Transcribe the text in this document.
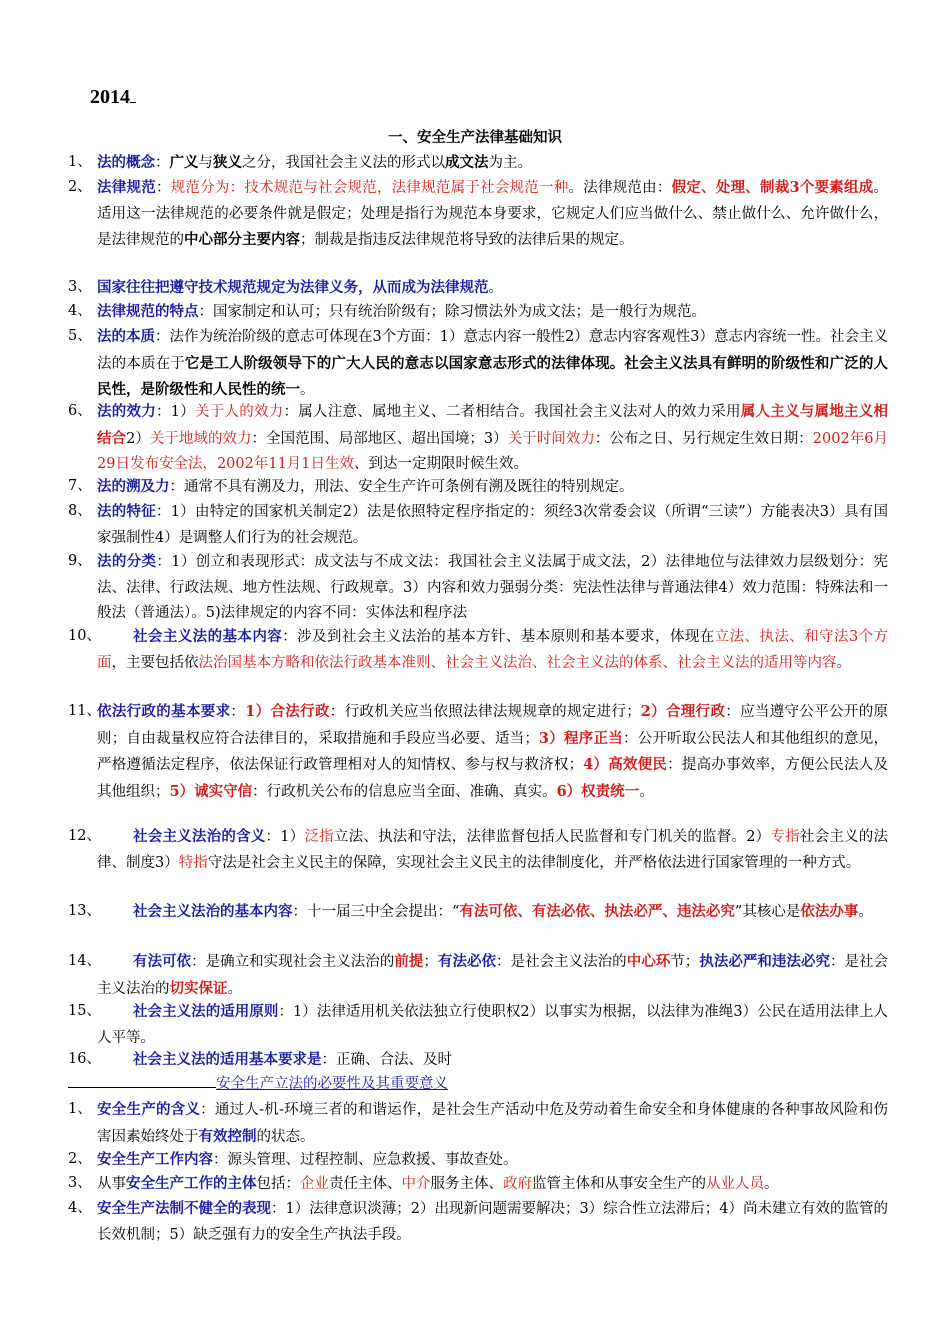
2014
一、安全生产法律基础知识
1、 法的概念：广义与狭义之分，我国社会主义法的形式以成文法为主。
2、 法律规范：规范分为：技术规范与社会规范，法律规范属于社会规范一种。法律规范由：假定、处理、制裁3个要素组成。适用这一法律规范的必要条件就是假定；处理是指行为规范本身要求，它规定人们应当做什么、禁止做什么、允许做什么，是法律规范的中心部分主要内容；制裁是指违反法律规范将导致的法律后果的规定。
3、 国家往往把遵守技术规范规定为法律义务，从而成为法律规范。
4、 法律规范的特点：国家制定和认可；只有统治阶级有；除习惯法外为成文法；是一般行为规范。
5、 法的本质：法作为统治阶级的意志可体现在3个方面：1）意志内容一般性2）意志内容客观性3）意志内容统一性。社会主义法的本质在于它是工人阶级领导下的广大人民的意志以国家意志形式的法律体现。社会主义法具有鲜明的阶级性和广泛的人民性，是阶级性和人民性的统一。
6、 法的效力：1）关于人的效力：属人注意、属地主义、二者相结合。我国社会主义法对人的效力采用属人主义与属地主义相结合2）关于地域的效力：全国范围、局部地区、超出国境；3）关于时间效力：公布之日、另行规定生效日期：2002年6月29日发布安全法，2002年11月1日生效、到达一定期限时候生效。
7、 法的溯及力：通常不具有溯及力，刑法、安全生产许可条例有溯及既往的特别规定。
8、 法的特征：1）由特定的国家机关制定2）法是依照特定程序指定的：须经3次常委会议（所谓“三读”）方能表决3）具有国家强制性4）是调整人们行为的社会规范。
9、 法的分类：1）创立和表现形式：成文法与不成文法：我国社会主义法属于成文法，2）法律地位与法律效力层级划分：宪法、法律、行政法规、地方性法规、行政规章。3）内容和效力强弱分类：宪法性法律与普通法律4）效力范围：特殊法和一般法（普通法）。5)法律规定的内容不同：实体法和程序法
10、	社会主义法的基本内容：涉及到社会主义法治的基本方针、基本原则和基本要求，体现在立法、执法、和守法3个方面，主要包括依法治国基本方略和依法行政基本准则、社会主义法治、社会主义法的体系、社会主义法的适用等内容。
11、
依法行政的基本要求：1）合法行政：行政机关应当依照法律法规规章的规定进行；2）合理行政：应当遵守公平公开的原则；自由裁量权应符合法律目的，采取措施和手段应当必要、适当；3）程序正当：公开听取公民法人和其他组织的意见，严格遵循法定程序，依法保证行政管理相对人的知情权、参与权与救济权；4）高效便民：提高办事效率，方便公民法人及其他组织；5）诚实守信：行政机关公布的信息应当全面、准确、真实。6）权责统一。
12、	社会主义法治的含义：1）泛指立法、执法和守法，法律监督包括人民监督和专门机关的监督。2）专指社会主义的法律、制度3）特指守法是社会主义民主的保障，实现社会主义民主的法律制度化，并严格依法进行国家管理的一种方式。
13、	社会主义法治的基本内容：十一届三中全会提出：“有法可依、有法必依、执法必严、违法必究”其核心是依法办事。
14、	有法可依：是确立和实现社会主义法治的前提；有法必依：是社会主义法治的中心环节；执法必严和违法必究：是社会主义法治的切实保证。
15、	社会主义法的适用原则：1）法律适用机关依法独立行使职权2）以事实为根据，以法律为准绳3）公民在适用法律上人人平等。
16、	社会主义法的适用基本要求是：正确、合法、及时
安全生产立法的必要性及其重要意义
1、 安全生产的含义：通过人-机-环境三者的和谐运作，是社会生产活动中危及劳动着生命安全和身体健康的各种事故风险和伤害因素始终处于有效控制的状态。
2、 安全生产工作内容：源头管理、过程控制、应急救援、事故查处。
3、 从事安全生产工作的主体包括：企业责任主体、中介服务主体、政府监管主体和从事安全生产的从业人员。
4、 安全生产法制不健全的表现：1）法律意识淡薄；2）出现新问题需要解决；3）综合性立法滞后；4）尚未建立有效的监管的长效机制；5）缺乏强有力的安全生产执法手段。
